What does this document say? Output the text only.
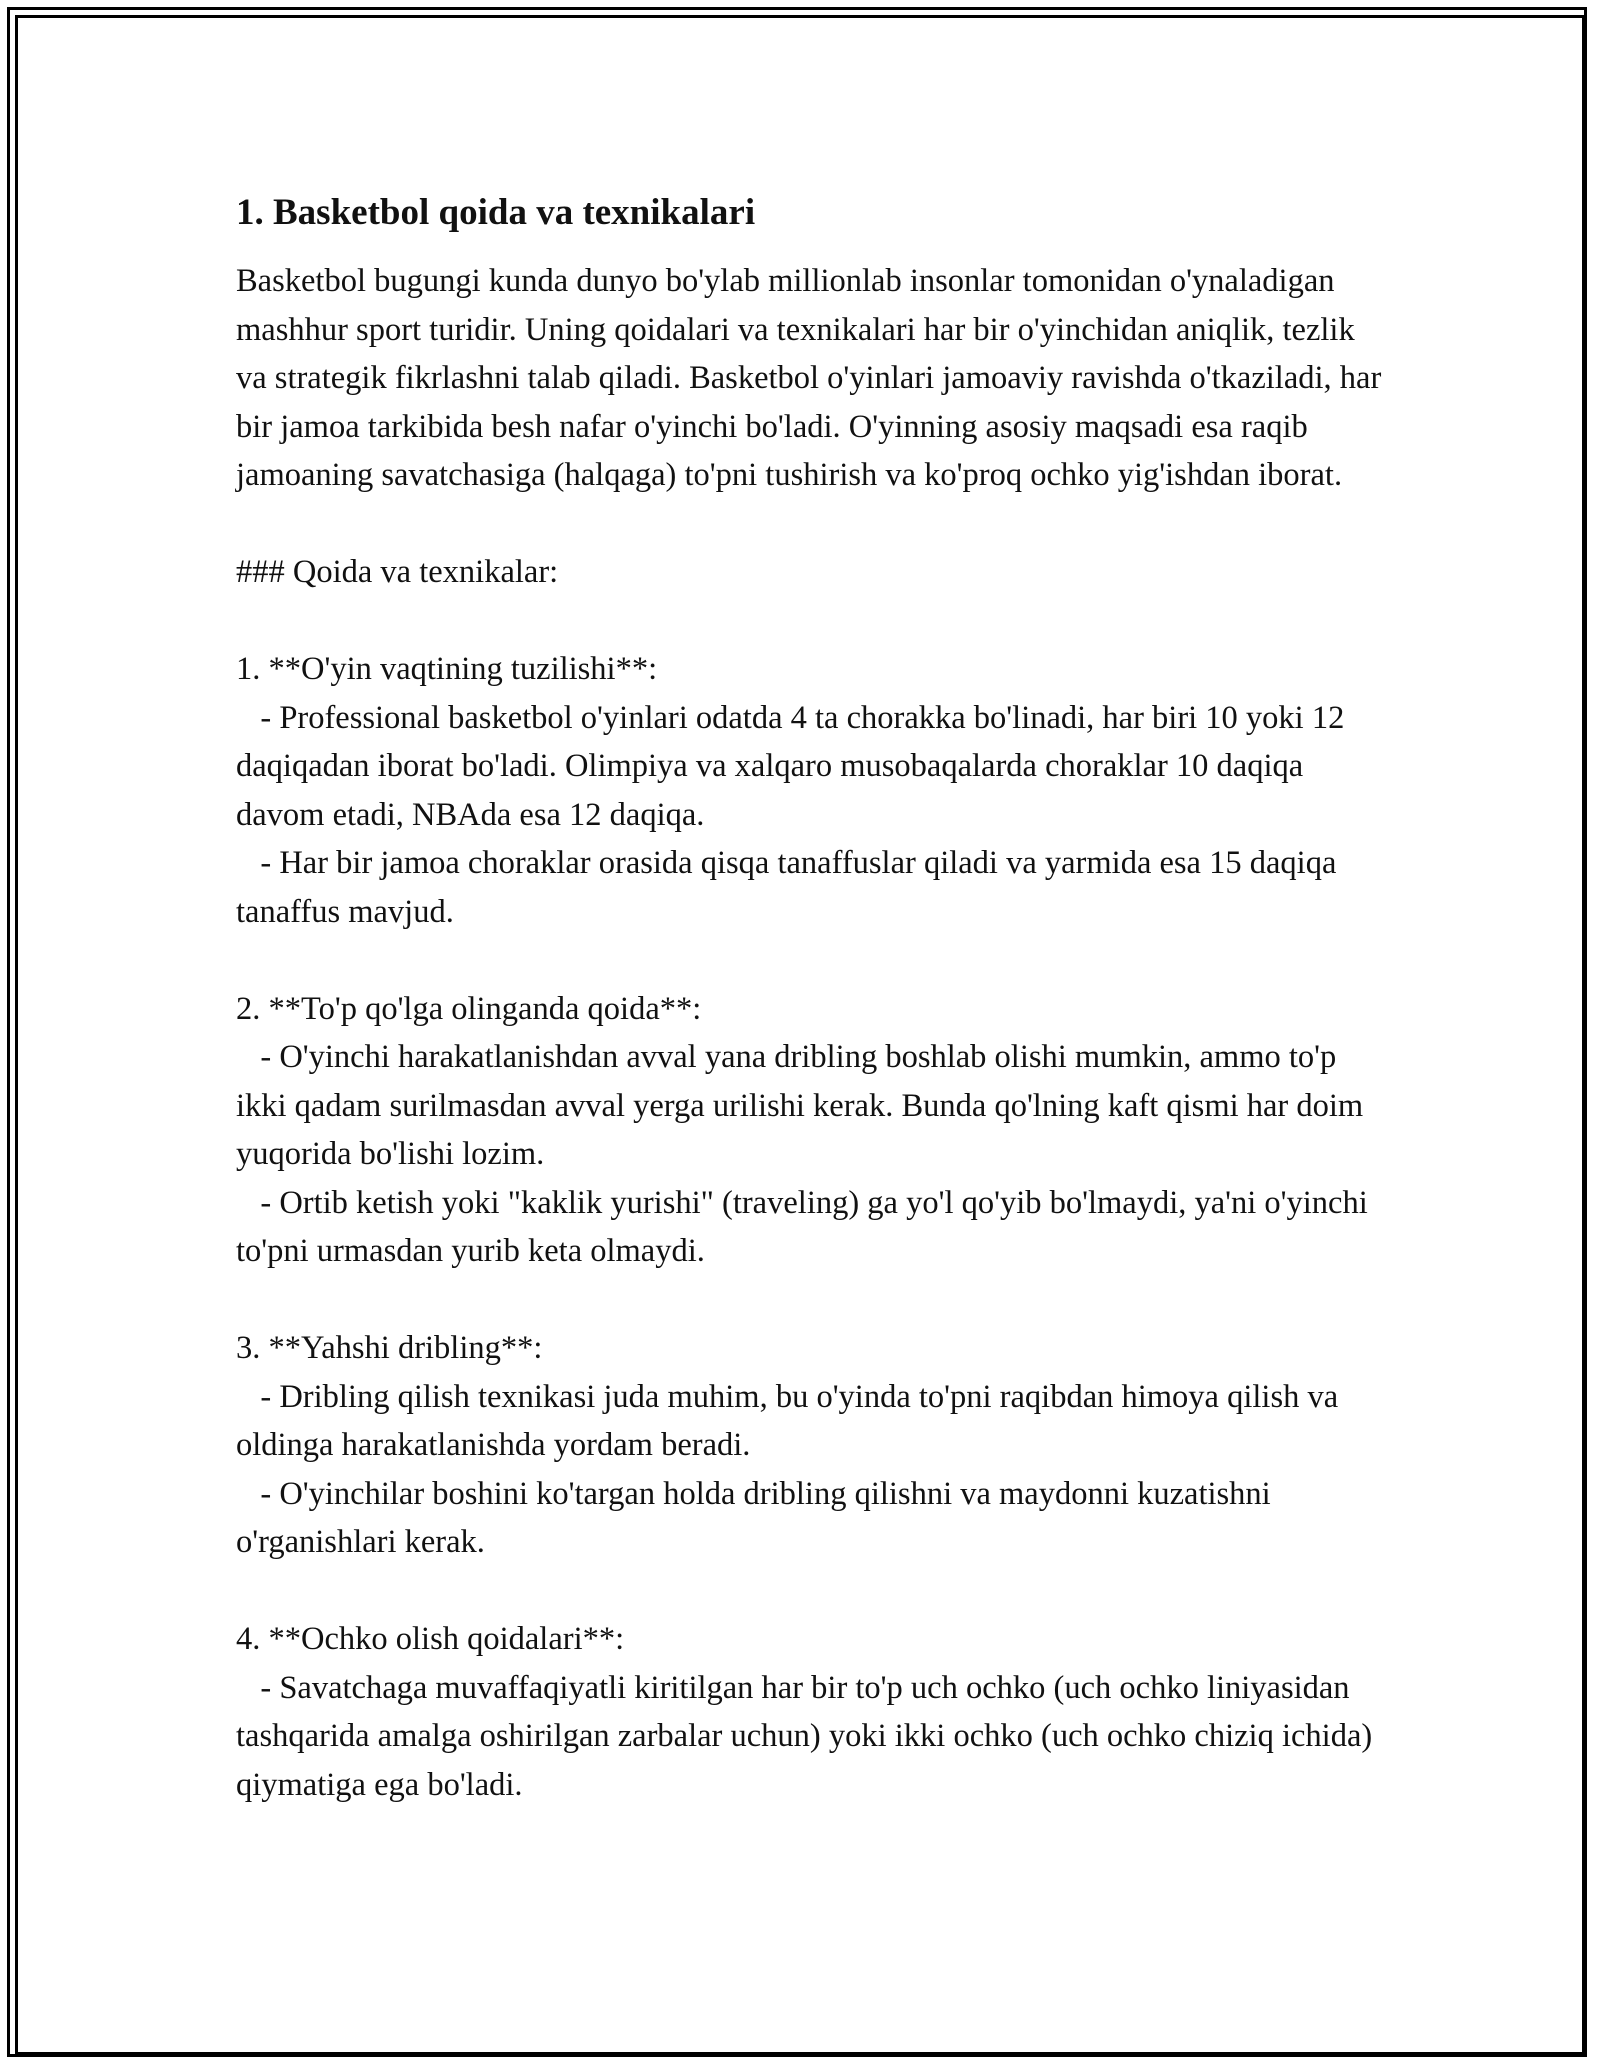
1. Basketbol qoida va texnikalari

Basketbol bugungi kunda dunyo bo'ylab millionlab insonlar tomonidan o'ynaladigan mashhur sport turidir. Uning qoidalari va texnikalari har bir o'yinchidan aniqlik, tezlik va strategik fikrlashni talab qiladi. Basketbol o'yinlari jamoaviy ravishda o'tkaziladi, har bir jamoa tarkibida besh nafar o'yinchi bo'ladi. O'yinning asosiy maqsadi esa raqib jamoaning savatchasiga (halqaga) to'pni tushirish va ko'proq ochko yig'ishdan iborat.

### Qoida va texnikalar:

1. **O'yin vaqtining tuzilishi**:

- Professional basketbol o'yinlari odatda 4 ta chorakka bo'linadi, har biri 10 yoki 12 daqiqadan iborat bo'ladi. Olimpiya va xalqaro musobaqalarda choraklar 10 daqiqa davom etadi, NBAda esa 12 daqiqa.

- Har bir jamoa choraklar orasida qisqa tanaffuslar qiladi va yarmida esa 15 daqiqa tanaffus mavjud.

2. **To'p qo'lga olinganda qoida**:

- O'yinchi harakatlanishdan avval yana dribling boshlab olishi mumkin, ammo to'p ikki qadam surilmasdan avval yerga urilishi kerak. Bunda qo'lning kaft qismi har doim yuqorida bo'lishi lozim.

- Ortib ketish yoki "kaklik yurishi" (traveling) ga yo'l qo'yib bo'lmaydi, ya'ni o'yinchi to'pni urmasdan yurib keta olmaydi.

3. **Yahshi dribling**:

- Dribling qilish texnikasi juda muhim, bu o'yinda to'pni raqibdan himoya qilish va oldinga harakatlanishda yordam beradi.

- O'yinchilar boshini ko'targan holda dribling qilishni va maydonni kuzatishni o'rganishlari kerak.

4. **Ochko olish qoidalari**:

- Savatchaga muvaffaqiyatli kiritilgan har bir to'p uch ochko (uch ochko liniyasidan tashqarida amalga oshirilgan zarbalar uchun) yoki ikki ochko (uch ochko chiziq ichida) qiymatiga ega bo'ladi.
